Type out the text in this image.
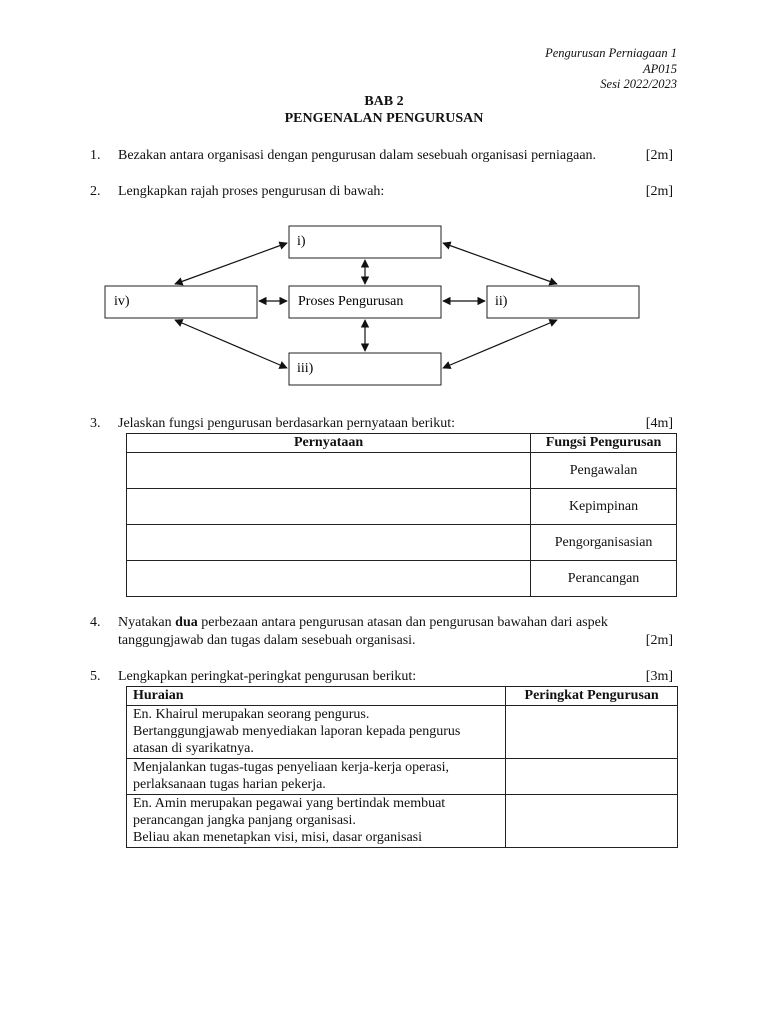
Pengurusan Perniagaan 1
AP015
Sesi 2022/2023
BAB 2
PENGENALAN PENGURUSAN
1. Bezakan antara organisasi dengan pengurusan dalam sesebuah organisasi perniagaan.	[2m]
2. Lengkapkan rajah proses pengurusan di bawah:	[2m]
i)
Proses Pengurusan
iii)
iv)	ii)
3. Jelaskan fungsi pengurusan berdasarkan pernyataan berikut:	[4m]
Pernyataan	Fungsi Pengurusan
	Pengawalan
	Kepimpinan
	Pengorganisasian
	Perancangan
4. Nyatakan dua perbezaan antara pengurusan atasan dan pengurusan bawahan dari aspek
tanggungjawab dan tugas dalam sesebuah organisasi.	[2m]
5. Lengkapkan peringkat-peringkat pengurusan berikut:	[3m]
Huraian	Peringkat Pengurusan

En. Khairul merupakan seorang pengurus.
Bertanggungjawab menyediakan laporan kepada pengurus
atasan di syarikatnya.	

Menjalankan tugas-tugas penyeliaan kerja-kerja operasi,
perlaksanaan tugas harian pekerja.	

En. Amin merupakan pegawai yang bertindak membuat
perancangan jangka panjang organisasi.
Beliau akan menetapkan visi, misi, dasar organisasi	
